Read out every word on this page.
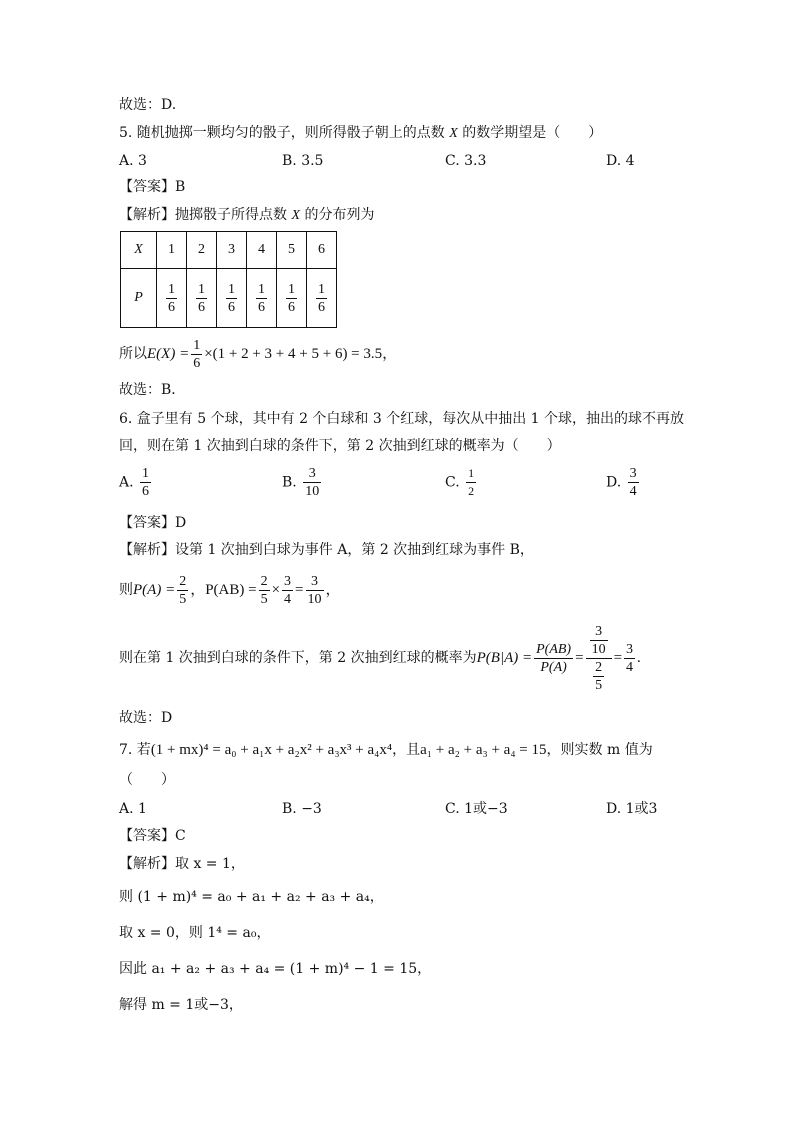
故选：D.
5. 随机抛掷一颗均匀的骰子，则所得骰子朝上的点数 X 的数学期望是（　　）
A. 3	B. 3.5	C. 3.3	D. 4
【答案】B
【解析】抛掷骰子所得点数 X 的分布列为
X	1	2	3	4	5	6
P	$\frac{1}{6}$	$\frac{1}{6}$	$\frac{1}{6}$	$\frac{1}{6}$	$\frac{1}{6}$	$\frac{1}{6}$
所以$E(X) = \frac{1}{6} \times(1 + 2 + 3 + 4 + 5 + 6) = 3.5$，
故选：B．
6. 盒子里有 5 个球，其中有 2 个白球和 3 个红球，每次从中抽出 1 个球，抽出的球不再放
回，则在第 1 次抽到白球的条件下，第 2 次抽到红球的概率为（　　）
A. $\frac{1}{6}$	B. $\frac{3}{10}$	C. $\frac{1}{2}$	D. $\frac{3}{4}$
【答案】D
【解析】设第 1 次抽到白球为事件 A，第 2 次抽到红球为事件 B，
则$P(A) = \frac{2}{5}$ ，$P(AB) = \frac{2}{5} \times \frac{3}{4} = \frac{3}{10}$ ，
则在第 1 次抽到白球的条件下，第 2 次抽到红球的概率为$P(B|A) = \frac{P(AB)}{P(A)} = \frac{\frac{3}{10}}{\frac{2}{5}} = \frac{3}{4}$ .
故选：D
7. 若(1 + mx)⁴ = a₀ + a₁x + a₂x² + a₃x³ + a₄x⁴，且a₁ + a₂ + a₃ + a₄ = 15，则实数 m 值为
（　　）
A. 1	B. −3	C. 1或−3	D. 1或3
【答案】C
【解析】取 x = 1，
则 (1 + m)⁴ = a₀ + a₁ + a₂ + a₃ + a₄，
取 x = 0，则 1⁴ = a₀，
因此 a₁ + a₂ + a₃ + a₄ = (1 + m)⁴ − 1 = 15，
解得 m = 1或−3，
